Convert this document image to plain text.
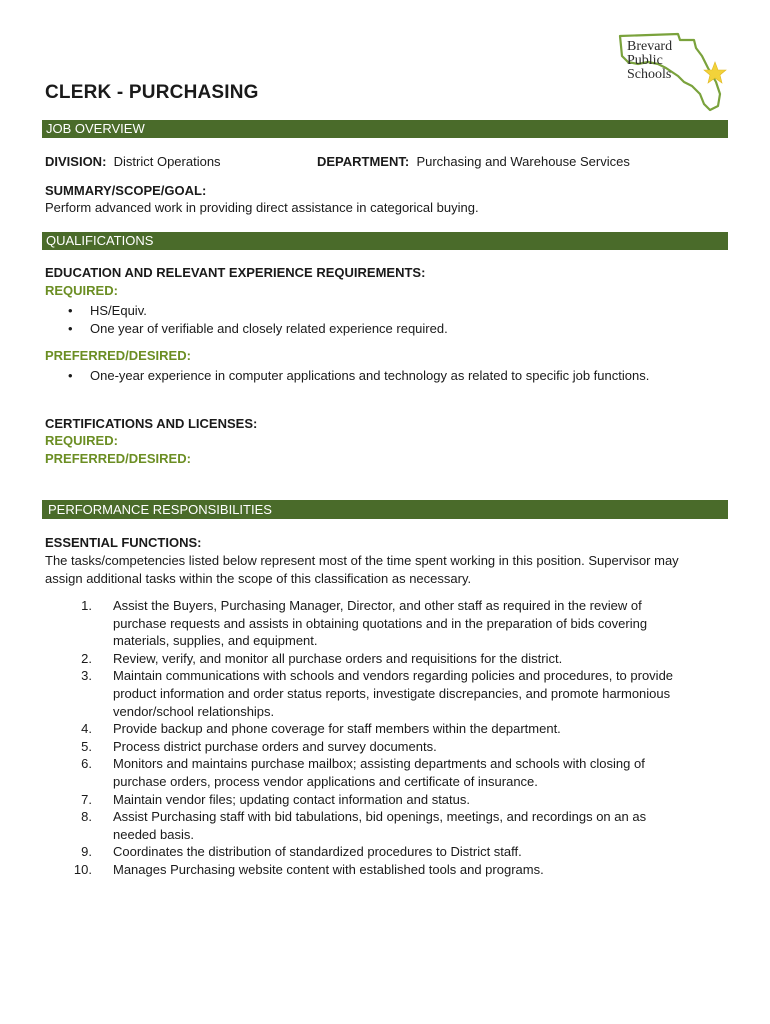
Brevard
Public
Schools
CLERK - PURCHASING
JOB OVERVIEW
DIVISION: District Operations	DEPARTMENT: Purchasing and Warehouse Services
SUMMARY/SCOPE/GOAL:
Perform advanced work in providing direct assistance in categorical buying.
QUALIFICATIONS
EDUCATION AND RELEVANT EXPERIENCE REQUIREMENTS:
REQUIRED:
• HS/Equiv.
• One year of verifiable and closely related experience required.
PREFERRED/DESIRED:
• One-year experience in computer applications and technology as related to specific job functions.
CERTIFICATIONS AND LICENSES:
REQUIRED:
PREFERRED/DESIRED:
PERFORMANCE RESPONSIBILITIES
ESSENTIAL FUNCTIONS:
The tasks/competencies listed below represent most of the time spent working in this position. Supervisor may
assign additional tasks within the scope of this classification as necessary.
1. Assist the Buyers, Purchasing Manager, Director, and other staff as required in the review of
purchase requests and assists in obtaining quotations and in the preparation of bids covering
materials, supplies, and equipment.
2. Review, verify, and monitor all purchase orders and requisitions for the district.
3. Maintain communications with schools and vendors regarding policies and procedures, to provide
product information and order status reports, investigate discrepancies, and promote harmonious
vendor/school relationships.
4. Provide backup and phone coverage for staff members within the department.
5. Process district purchase orders and survey documents.
6. Monitors and maintains purchase mailbox; assisting departments and schools with closing of
purchase orders, process vendor applications and certificate of insurance.
7. Maintain vendor files; updating contact information and status.
8. Assist Purchasing staff with bid tabulations, bid openings, meetings, and recordings on an as
needed basis.
9. Coordinates the distribution of standardized procedures to District staff.
10. Manages Purchasing website content with established tools and programs.
